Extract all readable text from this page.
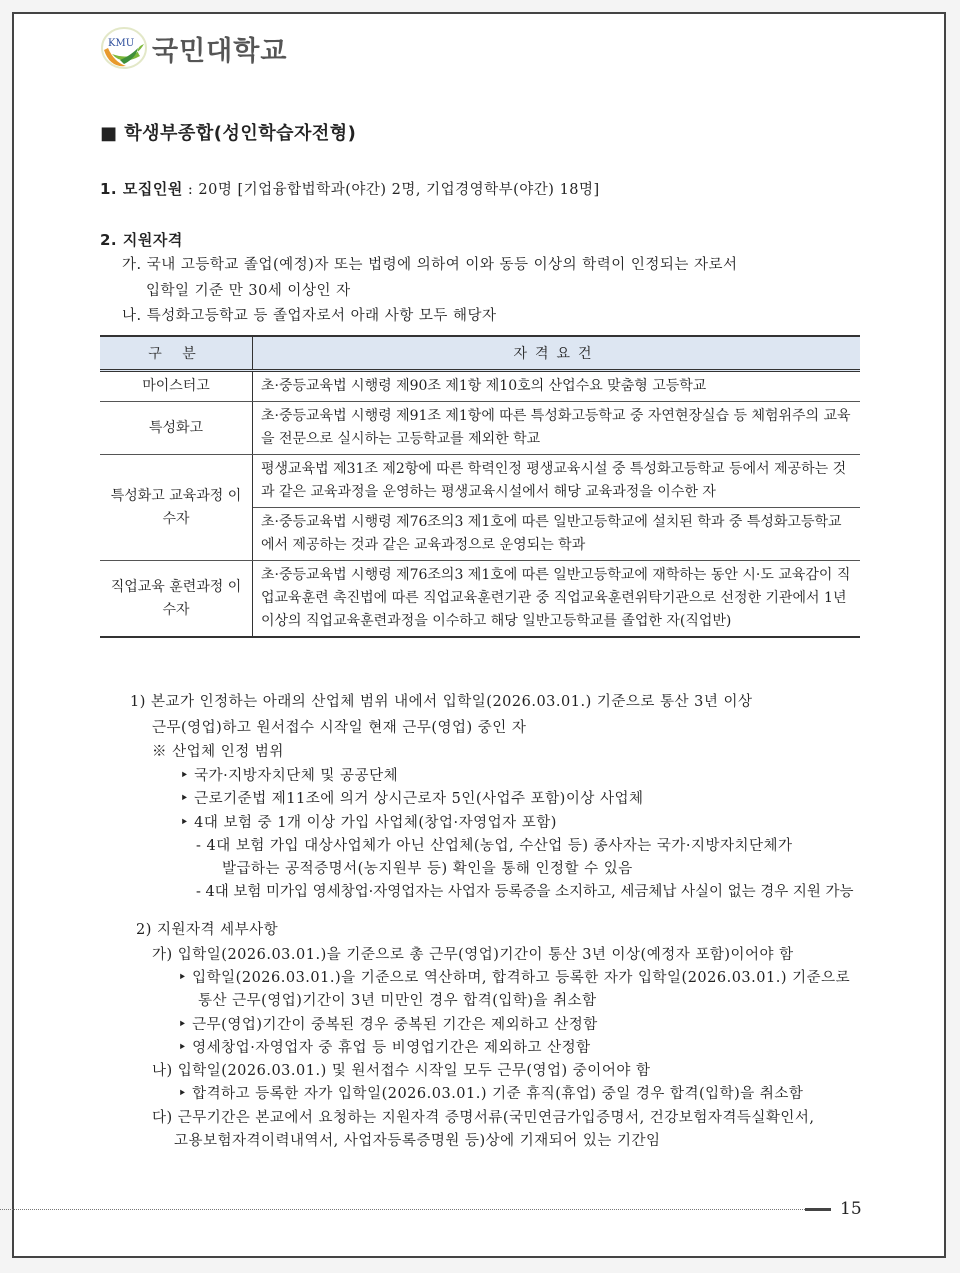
KMU 국민대학교
■ 학생부종합(성인학습자전형)
1. 모집인원 : 20명 [기업융합법학과(야간) 2명, 기업경영학부(야간) 18명]
2. 지원자격
가. 국내 고등학교 졸업(예정)자 또는 법령에 의하여 이와 동등 이상의 학력이 인정되는 자로서
입학일 기준 만 30세 이상인 자
나. 특성화고등학교 등 졸업자로서 아래 사항 모두 해당자
구 분	자격요건
마이스터고	초·중등교육법 시행령 제90조 제1항 제10호의 산업수요 맞춤형 고등학교
특성화고	초·중등교육법 시행령 제91조 제1항에 따른 특성화고등학교 중 자연현장실습 등 체험위주의 교육을 전문으로 실시하는 고등학교를 제외한 학교
특성화고 교육과정 이수자	평생교육법 제31조 제2항에 따른 학력인정 평생교육시설 중 특성화고등학교 등에서 제공하는 것과 같은 교육과정을 운영하는 평생교육시설에서 해당 교육과정을 이수한 자
	초·중등교육법 시행령 제76조의3 제1호에 따른 일반고등학교에 설치된 학과 중 특성화고등학교에서 제공하는 것과 같은 교육과정으로 운영되는 학과
직업교육 훈련과정 이수자	초·중등교육법 시행령 제76조의3 제1호에 따른 일반고등학교에 재학하는 동안 시·도 교육감이 직업교육훈련 촉진법에 따른 직업교육훈련기관 중 직업교육훈련위탁기관으로 선정한 기관에서 1년 이상의 직업교육훈련과정을 이수하고 해당 일반고등학교를 졸업한 자(직업반)
1) 본교가 인정하는 아래의 산업체 범위 내에서 입학일(2026.03.01.) 기준으로 통산 3년 이상
근무(영업)하고 원서접수 시작일 현재 근무(영업) 중인 자
※ 산업체 인정 범위
‣ 국가·지방자치단체 및 공공단체
‣ 근로기준법 제11조에 의거 상시근로자 5인(사업주 포함)이상 사업체
‣ 4대 보험 중 1개 이상 가입 사업체(창업·자영업자 포함)
- 4대 보험 가입 대상사업체가 아닌 산업체(농업, 수산업 등) 종사자는 국가·지방자치단체가
발급하는 공적증명서(농지원부 등) 확인을 통해 인정할 수 있음
- 4대 보험 미가입 영세창업·자영업자는 사업자 등록증을 소지하고, 세금체납 사실이 없는 경우 지원 가능
2) 지원자격 세부사항
가) 입학일(2026.03.01.)을 기준으로 총 근무(영업)기간이 통산 3년 이상(예정자 포함)이어야 함
‣ 입학일(2026.03.01.)을 기준으로 역산하며, 합격하고 등록한 자가 입학일(2026.03.01.) 기준으로
통산 근무(영업)기간이 3년 미만인 경우 합격(입학)을 취소함
‣ 근무(영업)기간이 중복된 경우 중복된 기간은 제외하고 산정함
‣ 영세창업·자영업자 중 휴업 등 비영업기간은 제외하고 산정함
나) 입학일(2026.03.01.) 및 원서접수 시작일 모두 근무(영업) 중이어야 함
‣ 합격하고 등록한 자가 입학일(2026.03.01.) 기준 휴직(휴업) 중일 경우 합격(입학)을 취소함
다) 근무기간은 본교에서 요청하는 지원자격 증명서류(국민연금가입증명서, 건강보험자격득실확인서,
고용보험자격이력내역서, 사업자등록증명원 등)상에 기재되어 있는 기간임
15
